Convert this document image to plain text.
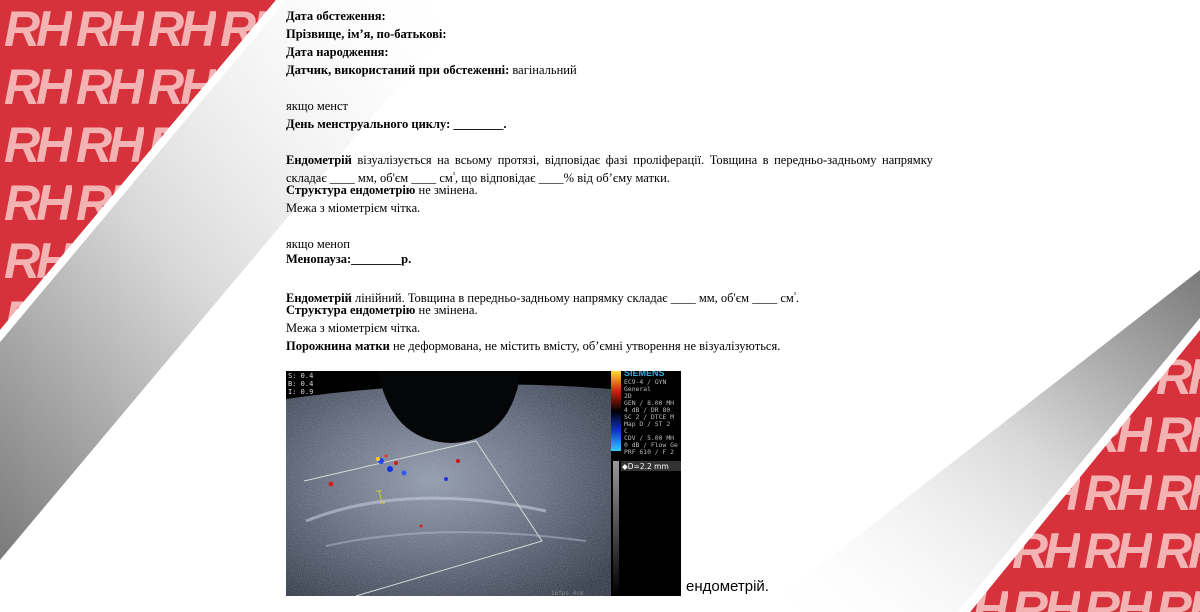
Дата обстеження:
Прізвище, ім’я, по-батькові:
Дата народження:
Датчик, використаний при обстеженні: вагінальний
якщо менст
День менструального циклу: ________.
Ендометрій візуалізується на всьому протязі, відповідає фазі проліферації. Товщина в передньо-задньому напрямку
складає ____ мм, об'єм ____ $см^{^3}$, що відповідає ____% від об’єму матки.
Структура ендометрію не змінена.
Межа з міометрієм чітка.
якщо меноп
Менопауза:________р.
Ендометрій лінійний. Товщина в передньо-задньому напрямку складає ____ мм, об'єм ____ $см^{^3}$.
Структура ендометрію не змінена.
Межа з міометрієм чітка.
Порожнина матки не деформована, не містить вмісту, об’ємні утворення не візуалізуються.
S: 0.4
B: 0.4
I: 0.9
SIEMENS
EC9-4 / GYN
General
2D
GEN / 8.00 MH
4 dB / DR 80
SC 2 / DTCE M
Map D / ST 2
C
CDV / 5.00 MH
0 dB / Flow Ge
PRF 610 / F 2
◆D=2.2 mm
16fps 4cm	ендометрій.
